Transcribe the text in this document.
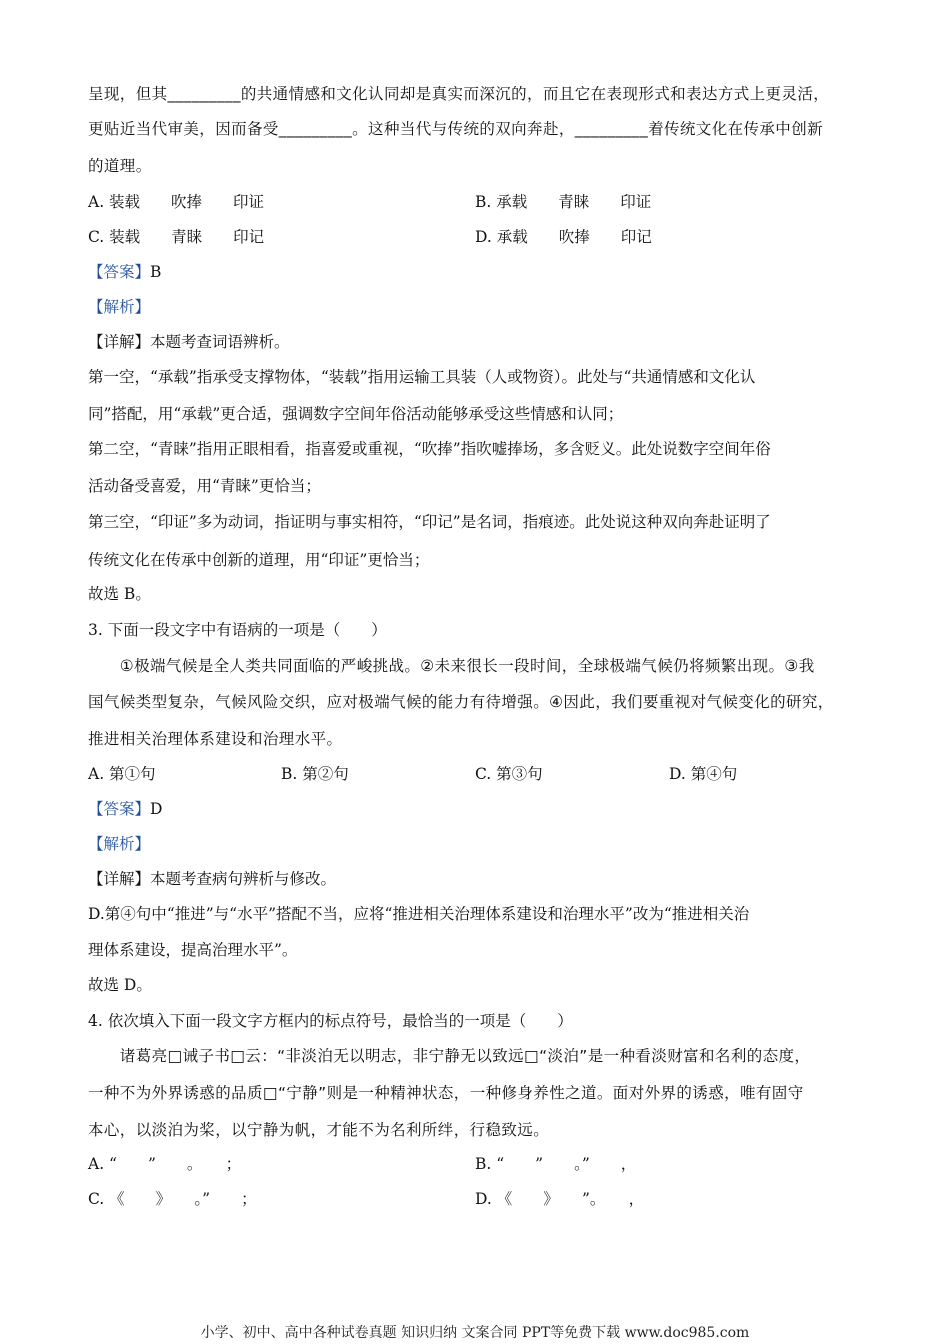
呈现，但其_________的共通情感和文化认同却是真实而深沉的，而且它在表现形式和表达方式上更灵活，
更贴近当代审美，因而备受_________。这种当代与传统的双向奔赴，_________着传统文化在传承中创新
的道理。
A. 装载　　吹捧　　印证	B. 承载　　青睐　　印证
C. 装载　　青睐　　印记	D. 承载　　吹捧　　印记
【答案】B
【解析】
【详解】本题考查词语辨析。
第一空，“承载”指承受支撑物体，“装载”指用运输工具装（人或物资）。此处与“共通情感和文化认
同”搭配，用“承载”更合适，强调数字空间年俗活动能够承受这些情感和认同；
第二空，“青睐”指用正眼相看，指喜爱或重视，“吹捧”指吹嘘捧场，多含贬义。此处说数字空间年俗
活动备受喜爱，用“青睐”更恰当；
第三空，“印证”多为动词，指证明与事实相符，“印记”是名词，指痕迹。此处说这种双向奔赴证明了
传统文化在传承中创新的道理，用“印证”更恰当；
故选 B。
3. 下面一段文字中有语病的一项是（　　）
　　①极端气候是全人类共同面临的严峻挑战。②未来很长一段时间，全球极端气候仍将频繁出现。③我
国气候类型复杂，气候风险交织，应对极端气候的能力有待增强。④因此，我们要重视对气候变化的研究，
推进相关治理体系建设和治理水平。
A. 第①句	B. 第②句	C. 第③句	D. 第④句
【答案】D
【解析】
【详解】本题考查病句辨析与修改。
D.第④句中“推进”与“水平”搭配不当，应将“推进相关治理体系建设和治理水平”改为“推进相关治
理体系建设，提高治理水平”。
故选 D。
4. 依次填入下面一段文字方框内的标点符号，最恰当的一项是（　　）
　　诸葛亮□诫子书□云：“非淡泊无以明志，非宁静无以致远□“淡泊”是一种看淡财富和名利的态度，
一种不为外界诱惑的品质□“宁静”则是一种精神状态，一种修身养性之道。面对外界的诱惑，唯有固守
本心，以淡泊为桨，以宁静为帆，才能不为名利所绊，行稳致远。
A. “　　”　　。　　；	B. “　　”　　。”　　，
C. 《　　》　　。”　　；	D. 《　　》　　”。　　，
小学、初中、高中各种试卷真题 知识归纳 文案合同 PPT等免费下载 www.doc985.com
